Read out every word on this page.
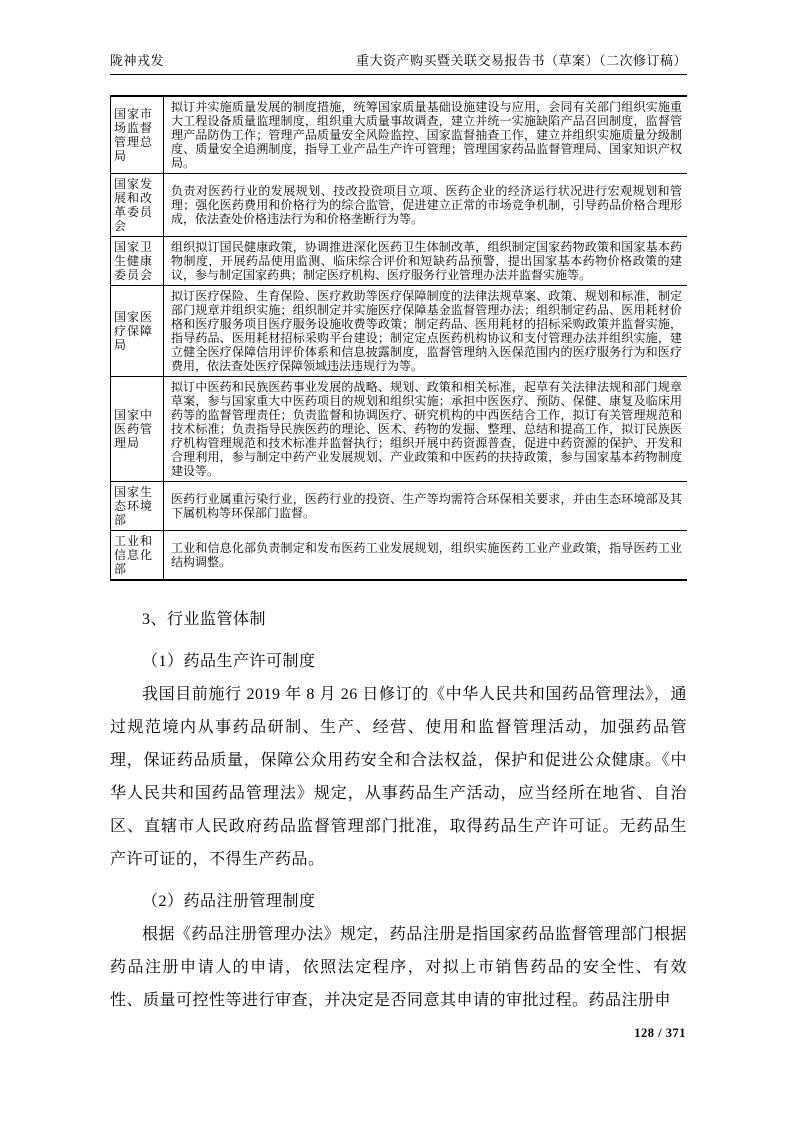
陇神戎发	重大资产购买暨关联交易报告书（草案）（二次修订稿）
国家市场监督管理总局	拟订并实施质量发展的制度措施，统筹国家质量基础设施建设与应用，会同有关部门组织实施重大工程设备质量监理制度，组织重大质量事故调查，建立并统一实施缺陷产品召回制度，监督管理产品防伪工作；管理产品质量安全风险监控、国家监督抽查工作，建立并组织实施质量分级制度、质量安全追溯制度，指导工业产品生产许可管理；管理国家药品监督管理局、国家知识产权局。
国家发展和改革委员会	负责对医药行业的发展规划、技改投资项目立项、医药企业的经济运行状况进行宏观规划和管理；强化医药费用和价格行为的综合监管，促进建立正常的市场竞争机制，引导药品价格合理形成，依法查处价格违法行为和价格垄断行为等。
国家卫生健康委员会	组织拟订国民健康政策，协调推进深化医药卫生体制改革，组织制定国家药物政策和国家基本药物制度，开展药品使用监测、临床综合评价和短缺药品预警，提出国家基本药物价格政策的建议，参与制定国家药典；制定医疗机构、医疗服务行业管理办法并监督实施等。
国家医疗保障局	拟订医疗保险、生育保险、医疗救助等医疗保障制度的法律法规草案、政策、规划和标准，制定部门规章并组织实施；组织制定并实施医疗保障基金监督管理办法；组织制定药品、医用耗材价格和医疗服务项目医疗服务设施收费等政策；制定药品、医用耗材的招标采购政策并监督实施，指导药品、医用耗材招标采购平台建设；制定定点医药机构协议和支付管理办法并组织实施，建立健全医疗保障信用评价体系和信息披露制度，监督管理纳入医保范围内的医疗服务行为和医疗费用，依法查处医疗保障领域违法违规行为等。
国家中医药管理局	拟订中医药和民族医药事业发展的战略、规划、政策和相关标准，起草有关法律法规和部门规章草案，参与国家重大中医药项目的规划和组织实施；承担中医医疗、预防、保健、康复及临床用药等的监督管理责任；负责监督和协调医疗、研究机构的中西医结合工作，拟订有关管理规范和技术标准；负责指导民族医药的理论、医术、药物的发掘、整理、总结和提高工作，拟订民族医疗机构管理规范和技术标准并监督执行；组织开展中药资源普查，促进中药资源的保护、开发和合理利用，参与制定中药产业发展规划、产业政策和中医药的扶持政策，参与国家基本药物制度建设等。
国家生态环境部	医药行业属重污染行业，医药行业的投资、生产等均需符合环保相关要求，并由生态环境部及其下属机构等环保部门监督。
工业和信息化部	工业和信息化部负责制定和发布医药工业发展规划，组织实施医药工业产业政策，指导医药工业结构调整。

3、行业监管体制

（1）药品生产许可制度

我国目前施行 2019 年 8 月 26 日修订的《中华人民共和国药品管理法》，通过规范境内从事药品研制、生产、经营、使用和监督管理活动，加强药品管理，保证药品质量，保障公众用药安全和合法权益，保护和促进公众健康。《中华人民共和国药品管理法》规定，从事药品生产活动，应当经所在地省、自治区、直辖市人民政府药品监督管理部门批准，取得药品生产许可证。无药品生产许可证的，不得生产药品。

（2）药品注册管理制度

根据《药品注册管理办法》规定，药品注册是指国家药品监督管理部门根据药品注册申请人的申请，依照法定程序，对拟上市销售药品的安全性、有效性、质量可控性等进行审查，并决定是否同意其申请的审批过程。药品注册申

128 / 371
